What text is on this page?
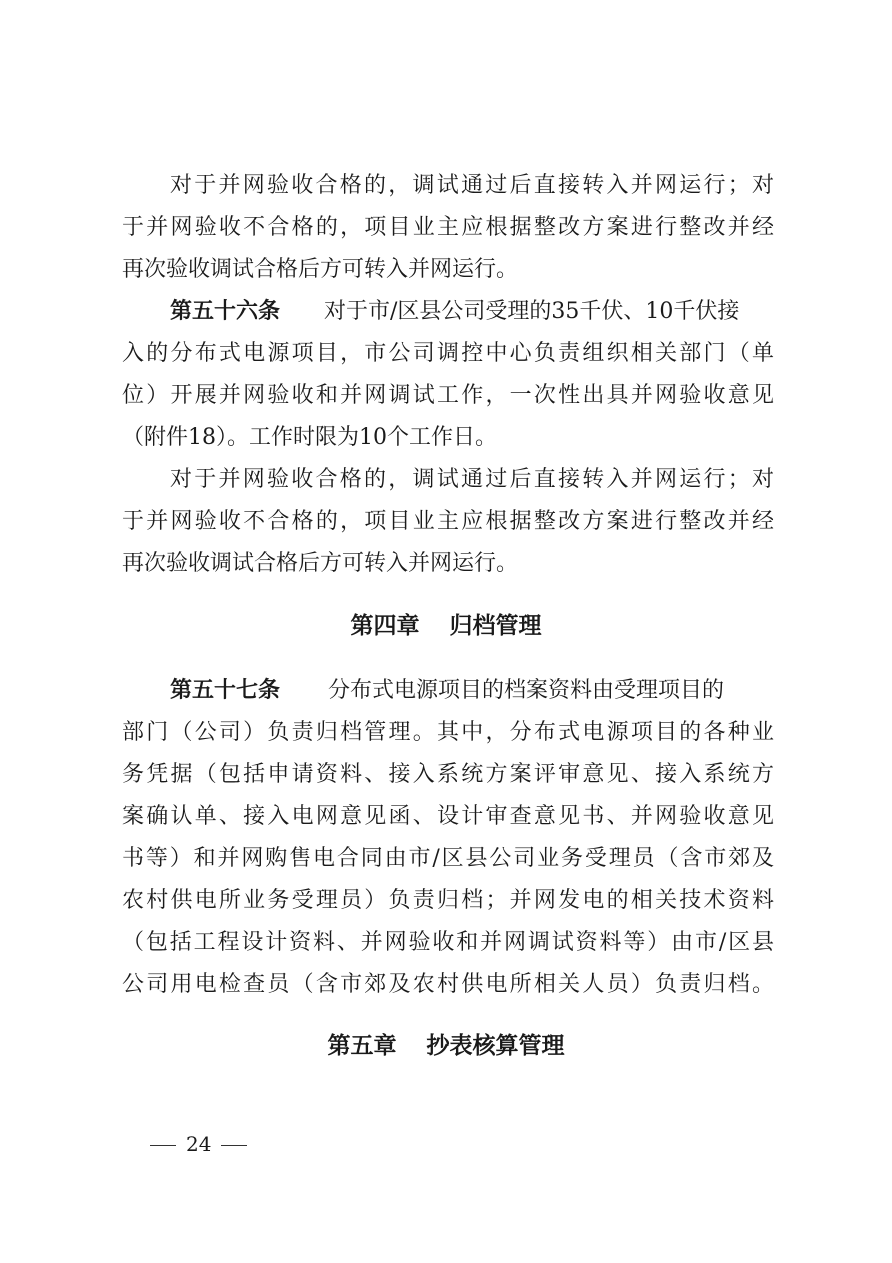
对于并网验收合格的，调试通过后直接转入并网运行；对
于并网验收不合格的，项目业主应根据整改方案进行整改并经
再次验收调试合格后方可转入并网运行。
第五十六条 对于市/区县公司受理的35千伏、10千伏接
入的分布式电源项目，市公司调控中心负责组织相关部门（单
位）开展并网验收和并网调试工作，一次性出具并网验收意见
（附件18）。工作时限为10个工作日。
对于并网验收合格的，调试通过后直接转入并网运行；对
于并网验收不合格的，项目业主应根据整改方案进行整改并经
再次验收调试合格后方可转入并网运行。
第四章 归档管理
第五十七条 分布式电源项目的档案资料由受理项目的
部门（公司）负责归档管理。其中，分布式电源项目的各种业
务凭据（包括申请资料、接入系统方案评审意见、接入系统方
案确认单、接入电网意见函、设计审查意见书、并网验收意见
书等）和并网购售电合同由市/区县公司业务受理员（含市郊及
农村供电所业务受理员）负责归档；并网发电的相关技术资料
（包括工程设计资料、并网验收和并网调试资料等）由市/区县
公司用电检查员（含市郊及农村供电所相关人员）负责归档。
第五章 抄表核算管理
24
